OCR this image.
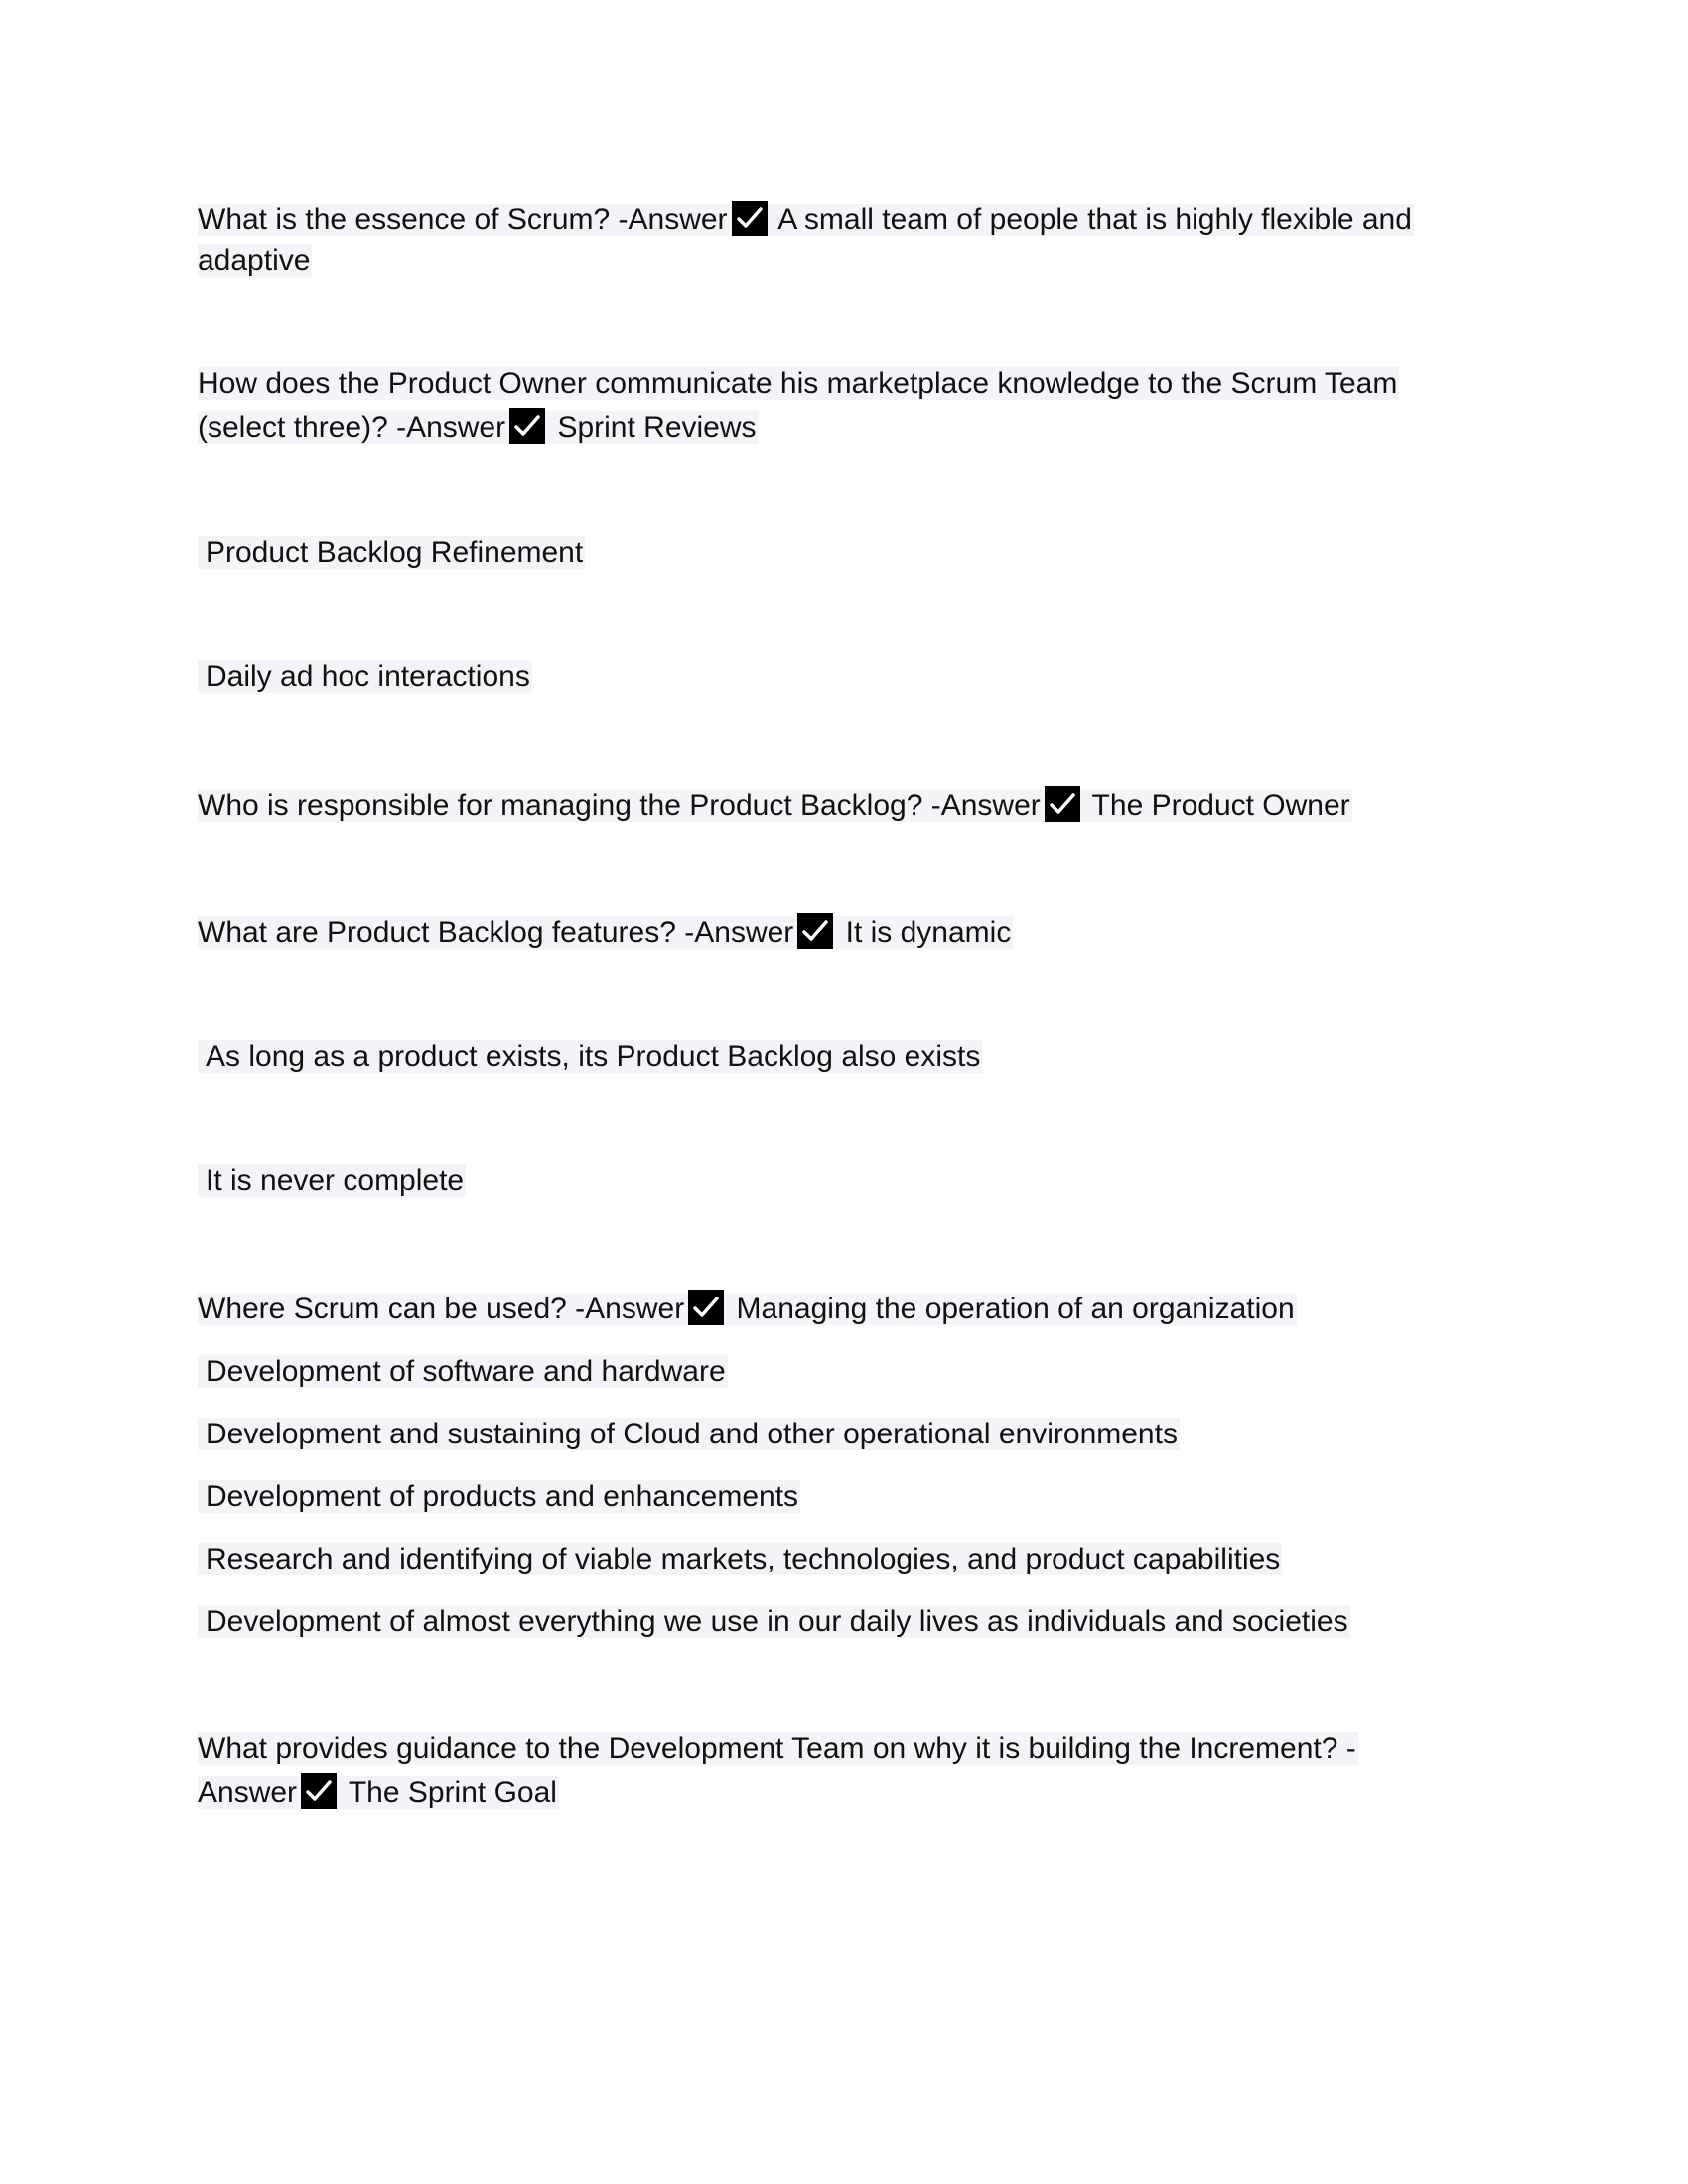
What is the essence of Scrum? -Answer
A small team of people that is highly flexible and
adaptive
How does the Product Owner communicate his marketplace knowledge to the Scrum Team
(select three)? -Answer
Sprint Reviews
Product Backlog Refinement
Daily ad hoc interactions
Who is responsible for managing the Product Backlog? -Answer
The Product Owner
What are Product Backlog features? -Answer
It is dynamic
As long as a product exists, its Product Backlog also exists
It is never complete
Where Scrum can be used? -Answer
Managing the operation of an organization
Development of software and hardware
Development and sustaining of Cloud and other operational environments
Development of products and enhancements
Research and identifying of viable markets, technologies, and product capabilities
Development of almost everything we use in our daily lives as individuals and societies
What provides guidance to the Development Team on why it is building the Increment? -
Answer
The Sprint Goal
